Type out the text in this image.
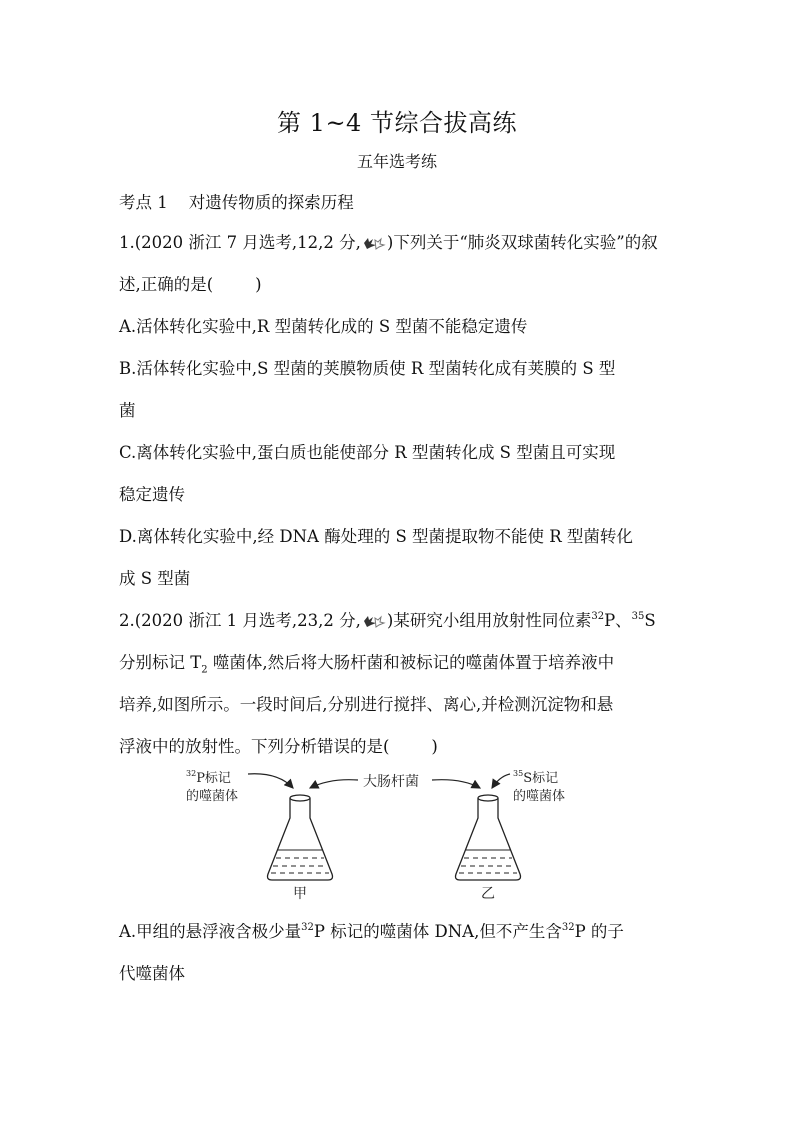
第 1~4 节综合拔高练
五年选考练
考点 1    对遗传物质的探索历程
1.(2020 浙江 7 月选考,12,2 分, )下列关于“肺炎双球菌转化实验”的叙
述,正确的是(        )
A.活体转化实验中,R 型菌转化成的 S 型菌不能稳定遗传
B.活体转化实验中,S 型菌的荚膜物质使 R 型菌转化成有荚膜的 S 型
菌
C.离体转化实验中,蛋白质也能使部分 R 型菌转化成 S 型菌且可实现
稳定遗传
D.离体转化实验中,经 DNA 酶处理的 S 型菌提取物不能使 R 型菌转化
成 S 型菌
2.(2020 浙江 1 月选考,23,2 分, )某研究小组用放射性同位素$^{32}$P、$^{35}$S
分别标记 $T_2$ 噬菌体,然后将大肠杆菌和被标记的噬菌体置于培养液中
培养,如图所示。一段时间后,分别进行搅拌、离心,并检测沉淀物和悬
浮液中的放射性。下列分析错误的是(        )
$^{32}$P标记
的噬菌体
大肠杆菌
$^{35}$S标记
的噬菌体
甲	乙
A.甲组的悬浮液含极少量$^{32}$P 标记的噬菌体 DNA,但不产生含$^{32}$P 的子
代噬菌体
